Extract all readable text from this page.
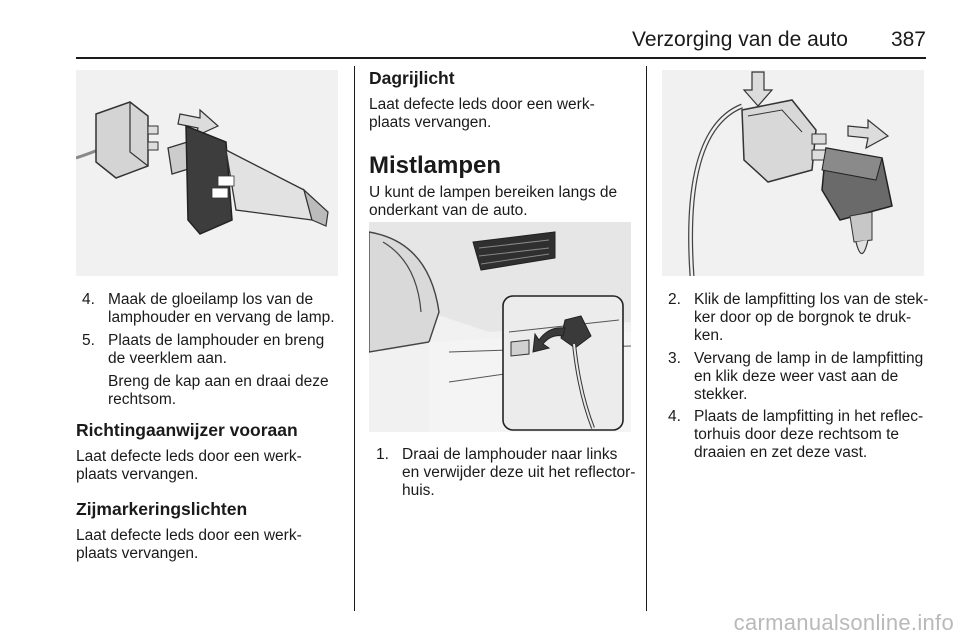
Verzorging van de auto 387
4. Maak de gloeilamp los van de
lamphouder en vervang de lamp.
5. Plaats de lamphouder en breng
de veerklem aan.
Breng de kap aan en draai deze
rechtsom.
Richtingaanwijzer vooraan
Laat defecte leds door een werk-
plaats vervangen.
Zijmarkeringslichten
Laat defecte leds door een werk-
plaats vervangen.
Dagrijlicht
Laat defecte leds door een werk-
plaats vervangen.
Mistlampen
U kunt de lampen bereiken langs de
onderkant van de auto.
1. Draai de lamphouder naar links
en verwijder deze uit het reflector-
huis.
2. Klik de lampfitting los van de stek-
ker door op de borgnok te druk-
ken.
3. Vervang de lamp in de lampfitting
en klik deze weer vast aan de
stekker.
4. Plaats de lampfitting in het reflec-
torhuis door deze rechtsom te
draaien en zet deze vast.
carmanualsonline.info
